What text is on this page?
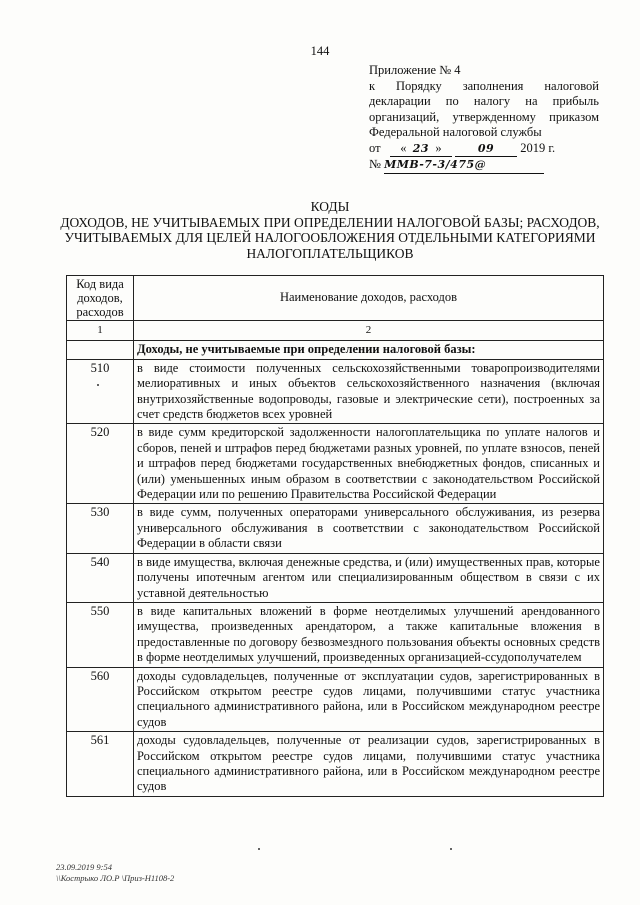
144
Приложение № 4
к Порядку заполнения налоговой
декларации по налогу на прибыль
организаций, утвержденному приказом
Федеральной налоговой службы
от « 23 »	09 2019 г.
№ ММВ-7-3/475@
КОДЫ
ДОХОДОВ, НЕ УЧИТЫВАЕМЫХ ПРИ ОПРЕДЕЛЕНИИ НАЛОГОВОЙ БАЗЫ; РАСХОДОВ,
УЧИТЫВАЕМЫХ ДЛЯ ЦЕЛЕЙ НАЛОГООБЛОЖЕНИЯ ОТДЕЛЬНЫМИ КАТЕГОРИЯМИ
НАЛОГОПЛАТЕЛЬЩИКОВ
Код вида
доходов,
расходов	Наименование доходов, расходов
1	2
	Доходы, не учитываемые при определении налоговой базы:
510	в виде стоимости полученных сельскохозяйственными товаропроизводителями мелиоративных и иных объектов сельскохозяйственного назначения (включая внутрихозяйственные водопроводы, газовые и электрические сети), построенных за счет средств бюджетов всех уровней
520	в виде сумм кредиторской задолженности налогоплательщика по уплате налогов и сборов, пеней и штрафов перед бюджетами разных уровней, по уплате взносов, пеней и штрафов перед бюджетами государственных внебюджетных фондов, списанных и (или) уменьшенных иным образом в соответствии с законодательством Российской Федерации или по решению Правительства Российской Федерации
530	в виде сумм, полученных операторами универсального обслуживания, из резерва универсального обслуживания в соответствии с законодательством Российской Федерации в области связи
540	в виде имущества, включая денежные средства, и (или) имущественных прав, которые получены ипотечным агентом или специализированным обществом в связи с их уставной деятельностью
550	в виде капитальных вложений в форме неотделимых улучшений арендованного имущества, произведенных арендатором, а также капитальные вложения в предоставленные по договору безвозмездного пользования объекты основных средств в форме неотделимых улучшений, произведенных организацией-ссудополучателем
560	доходы судовладельцев, полученные от эксплуатации судов, зарегистрированных в Российском открытом реестре судов лицами, получившими статус участника специального административного района, или в Российском международном реестре судов
561	доходы судовладельцев, полученные от реализации судов, зарегистрированных в Российском открытом реестре судов лицами, получившими статус участника специального административного района, или в Российском международном реестре судов
23.09.2019 9:54
\\Кострыко ЛО.Р \Приз-Н1108-2
